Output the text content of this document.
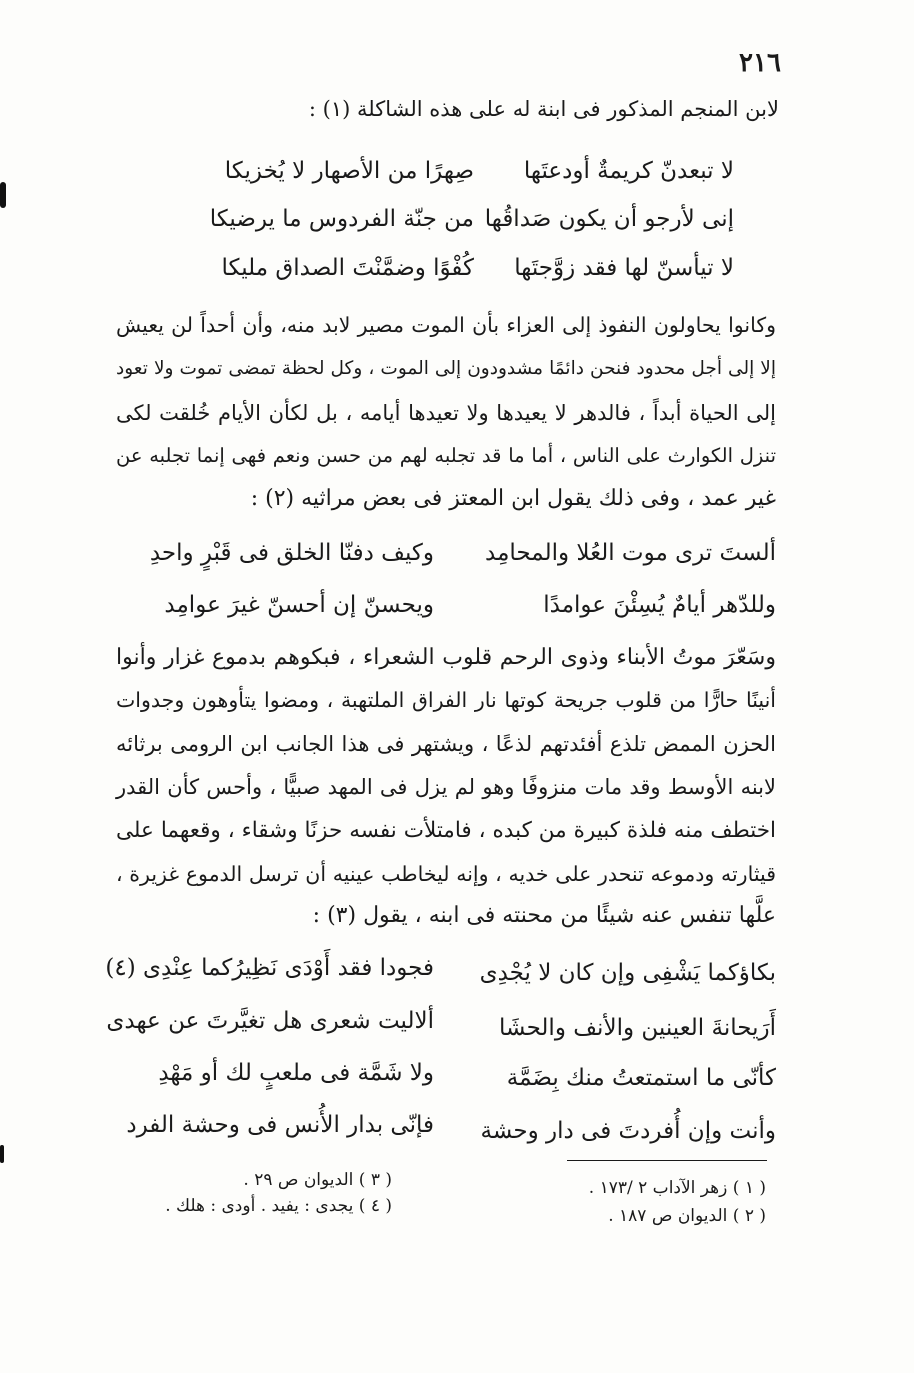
٢١٦
لابن المنجم المذكور فى ابنة له على هذه الشاكلة (١) :
لا تبعدنّ كريمةٌ أودعتَها
صِهرًا من الأصهار لا يُخزيكا
إنى لأرجو أن يكون صَداقُها
من جنّة الفردوس ما يرضيكا
لا تيأسنّ لها فقد زوَّجتَها
كُفْوًا وضمَّنْتَ الصداق مليكا
وكانوا يحاولون النفوذ إلى العزاء بأن الموت مصير لابد منه، وأن أحداً لن يعيش
إلا إلى أجل محدود فنحن دائمًا مشدودون إلى الموت ، وكل لحظة تمضى تموت ولا تعود
إلى الحياة أبداً ، فالدهر لا يعيدها ولا تعيدها أيامه ، بل لكأن الأيام خُلقت لكى
تنزل الكوارث على الناس ، أما ما قد تجلبه لهم من حسن ونعم فهى إنما تجلبه عن
غير عمد ، وفى ذلك يقول ابن المعتز فى بعض مراثيه (٢) :
ألستَ ترى موت العُلا والمحامِد
وكيف دفنّا الخلق فى قَبْرٍ واحدِ
وللدّهر أيامٌ يُسِئْنَ عوامدًا
ويحسنّ إن أحسنّ غيرَ عوامِد
وسَعّرَ موتُ الأبناء وذوى الرحم قلوب الشعراء ، فبكوهم بدموع غزار وأنوا
أنينًا حارًّا من قلوب جريحة كوتها نار الفراق الملتهبة ، ومضوا يتأوهون وجدوات
الحزن الممض تلذع أفئدتهم لذعًا ، ويشتهر فى هذا الجانب ابن الرومى برثائه
لابنه الأوسط وقد مات منزوفًا وهو لم يزل فى المهد صبيًّا ، وأحس كأن القدر
اختطف منه فلذة كبيرة من كبده ، فامتلأت نفسه حزنًا وشقاء ، وقعهما على
قيثارته ودموعه تنحدر على خديه ، وإنه ليخاطب عينيه أن ترسل الدموع غزيرة ،
علَّها تنفس عنه شيئًا من محنته فى ابنه ، يقول (٣) :
بكاؤكما يَشْفِى وإن كان لا يُجْدِى
فجودا فقد أَوْدَى نَظِيرُكما عِنْدِى (٤)
أَرَيحانةَ العينين والأنف والحشَا
ألاليت شعرى هل تغيَّرتَ عن عهدى
كأنّى ما استمتعتُ منك بِضَمَّة
ولا شَمَّة فى ملعبٍ لك أو مَهْدِ
وأنت وإن أُفردتَ فى دار وحشة
فإنّى بدار الأُنس فى وحشة الفرد
( ١ ) زهر الآداب ٢ /١٧٣ .
( ٢ ) الديوان ص ١٨٧ .
( ٣ ) الديوان ص ٢٩ .
( ٤ ) يجدى : يفيد . أودى : هلك .
